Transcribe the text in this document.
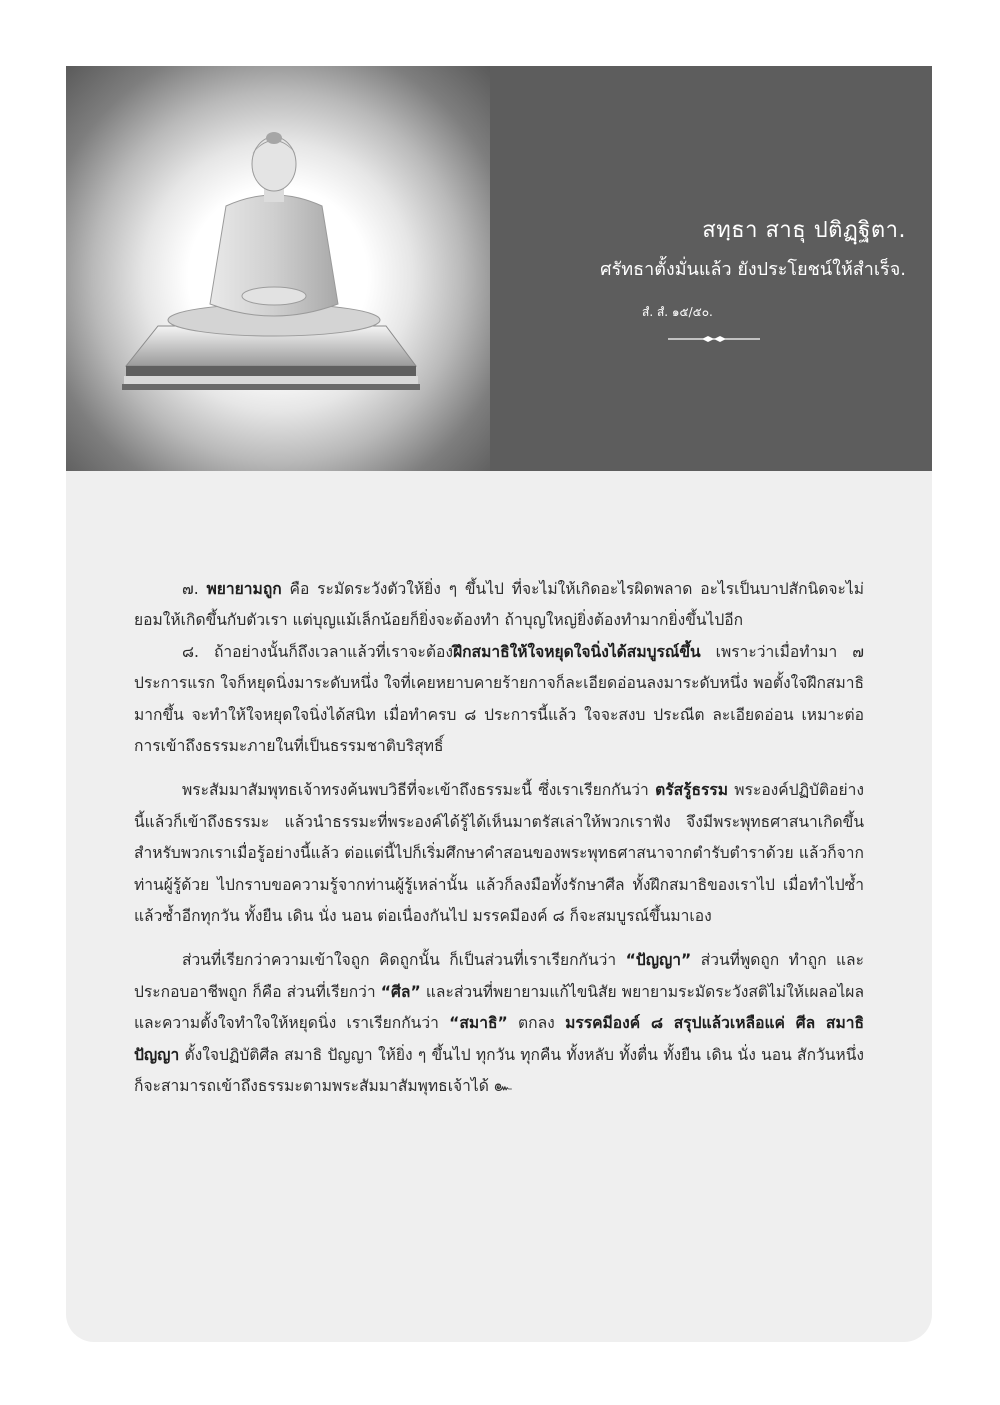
สทฺธา สาธุ ปติฏฺฐิตา.
ศรัทธาตั้งมั่นแล้ว ยังประโยชน์ให้สำเร็จ.
สํ. สํ. ๑๕/๕๐.

๗. พยายามถูก คือ ระมัดระวังตัวให้ยิ่ง ๆ ขึ้นไป ที่จะไม่ให้เกิดอะไรผิดพลาด อะไรเป็นบาปสักนิดจะไม่ยอมให้เกิดขึ้นกับตัวเรา แต่บุญแม้เล็กน้อยก็ยิ่งจะต้องทำ ถ้าบุญใหญ่ยิ่งต้องทำมากยิ่งขึ้นไปอีก

๘. ถ้าอย่างนั้นก็ถึงเวลาแล้วที่เราจะต้องฝึกสมาธิให้ใจหยุดใจนิ่งได้สมบูรณ์ขึ้น เพราะว่าเมื่อทำมา ๗ ประการแรก ใจก็หยุดนิ่งมาระดับหนึ่ง ใจที่เคยหยาบคายร้ายกาจก็ละเอียดอ่อนลงมาระดับหนึ่ง พอตั้งใจฝึกสมาธิมากขึ้น จะทำให้ใจหยุดใจนิ่งได้สนิท เมื่อทำครบ ๘ ประการนี้แล้ว ใจจะสงบ ประณีต ละเอียดอ่อน เหมาะต่อการเข้าถึงธรรมะภายในที่เป็นธรรมชาติบริสุทธิ์

พระสัมมาสัมพุทธเจ้าทรงค้นพบวิธีที่จะเข้าถึงธรรมะนี้ ซึ่งเราเรียกกันว่า ตรัสรู้ธรรม พระองค์ปฏิบัติอย่างนี้แล้วก็เข้าถึงธรรมะ แล้วนำธรรมะที่พระองค์ได้รู้ได้เห็นมาตรัสเล่าให้พวกเราฟัง จึงมีพระพุทธศาสนาเกิดขึ้น สำหรับพวกเราเมื่อรู้อย่างนี้แล้ว ต่อแต่นี้ไปก็เริ่มศึกษาคำสอนของพระพุทธศาสนาจากตำรับตำราด้วย แล้วก็จากท่านผู้รู้ด้วย ไปกราบขอความรู้จากท่านผู้รู้เหล่านั้น แล้วก็ลงมือทั้งรักษาศีล ทั้งฝึกสมาธิของเราไป เมื่อทำไปซ้ำแล้วซ้ำอีกทุกวัน ทั้งยืน เดิน นั่ง นอน ต่อเนื่องกันไป มรรคมีองค์ ๘ ก็จะสมบูรณ์ขึ้นมาเอง

ส่วนที่เรียกว่าความเข้าใจถูก คิดถูกนั้น ก็เป็นส่วนที่เราเรียกกันว่า “ปัญญา” ส่วนที่พูดถูก ทำถูก และประกอบอาชีพถูก ก็คือ ส่วนที่เรียกว่า “ศีล” และส่วนที่พยายามแก้ไขนิสัย พยายามระมัดระวังสติไม่ให้เผลอไผล และความตั้งใจทำใจให้หยุดนิ่ง เราเรียกกันว่า “สมาธิ” ตกลง มรรคมีองค์ ๘ สรุปแล้วเหลือแค่ ศีล สมาธิ ปัญญา ตั้งใจปฏิบัติศีล สมาธิ ปัญญา ให้ยิ่ง ๆ ขึ้นไป ทุกวัน ทุกคืน ทั้งหลับ ทั้งตื่น ทั้งยืน เดิน นั่ง นอน สักวันหนึ่งก็จะสามารถเข้าถึงธรรมะตามพระสัมมาสัมพุทธเจ้าได้ ๛
